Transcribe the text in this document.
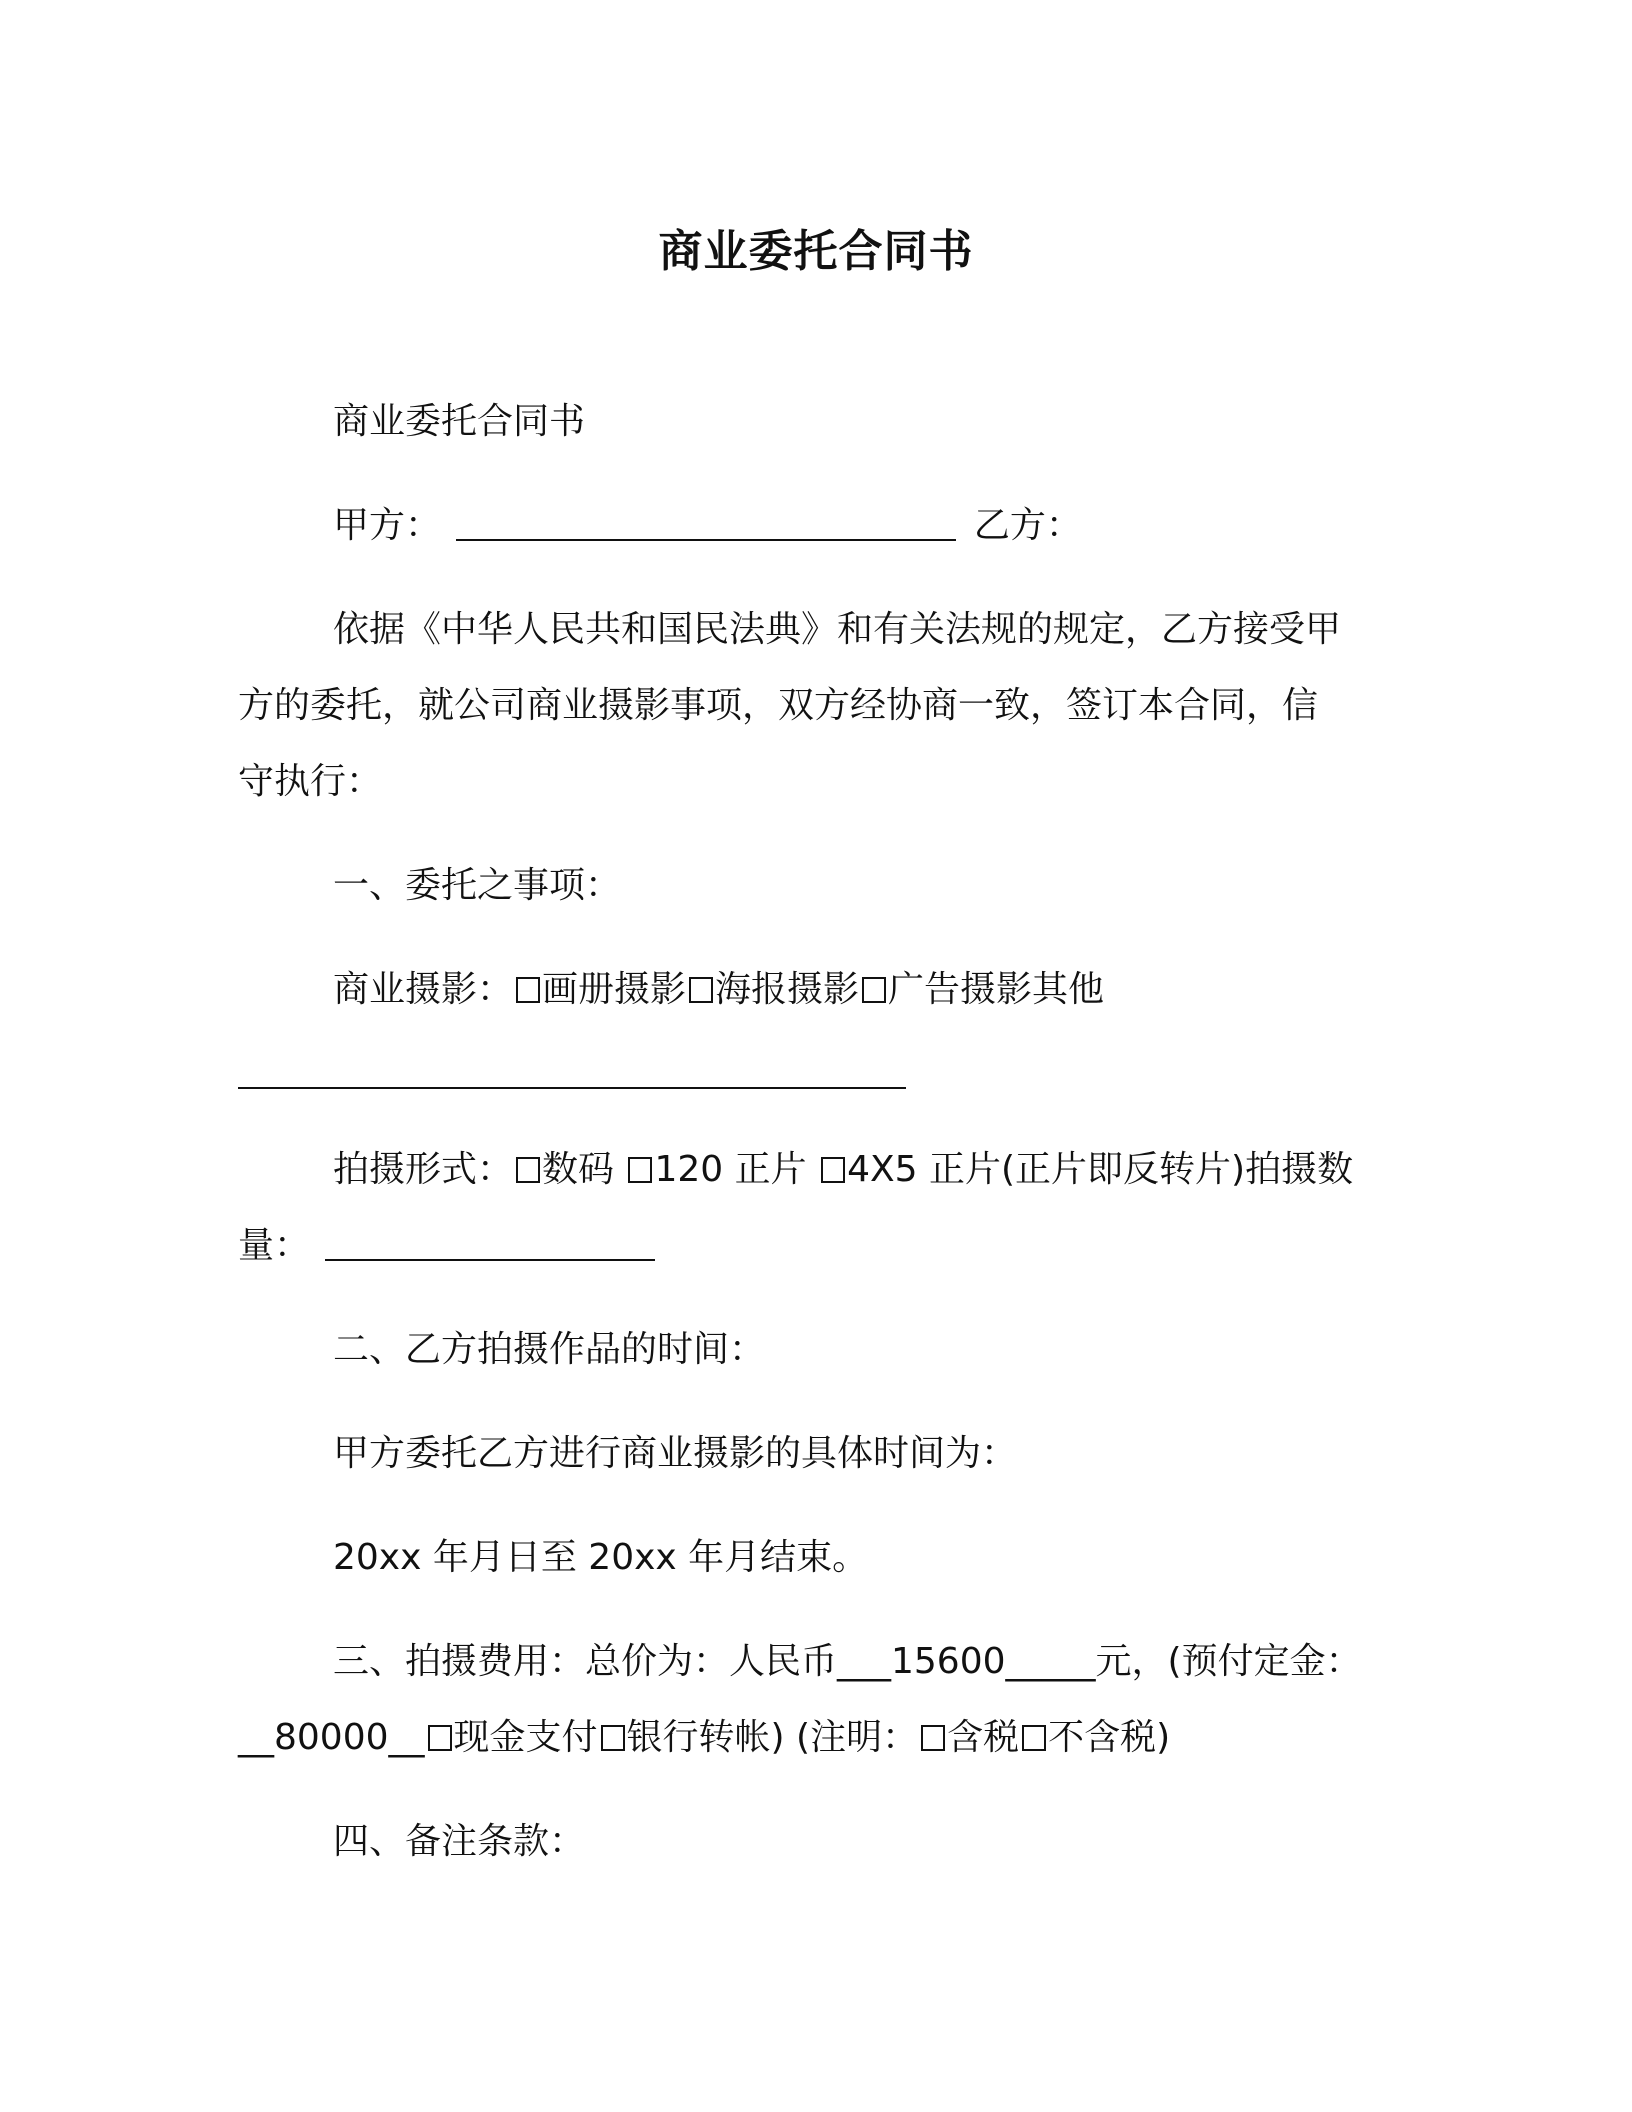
商业委托合同书
商业委托合同书
甲方：	乙方：
依据《中华人民共和国民法典》和有关法规的规定，乙方接受甲
方的委托，就公司商业摄影事项，双方经协商一致，签订本合同，信
守执行：
一、委托之事项：
商业摄影： 画册摄影 海报摄影 广告摄影其他
拍摄形式： 数码 120 正片 4X5 正片(正片即反转片)拍摄数
量：
二、乙方拍摄作品的时间：
甲方委托乙方进行商业摄影的具体时间为：
20xx 年月日至 20xx 年月结束。
三、拍摄费用：总价为：人民币___15600_____元，(预付定金：
__80000__ 现金支付 银行转帐) (注明： 含税 不含税)
四、备注条款：
